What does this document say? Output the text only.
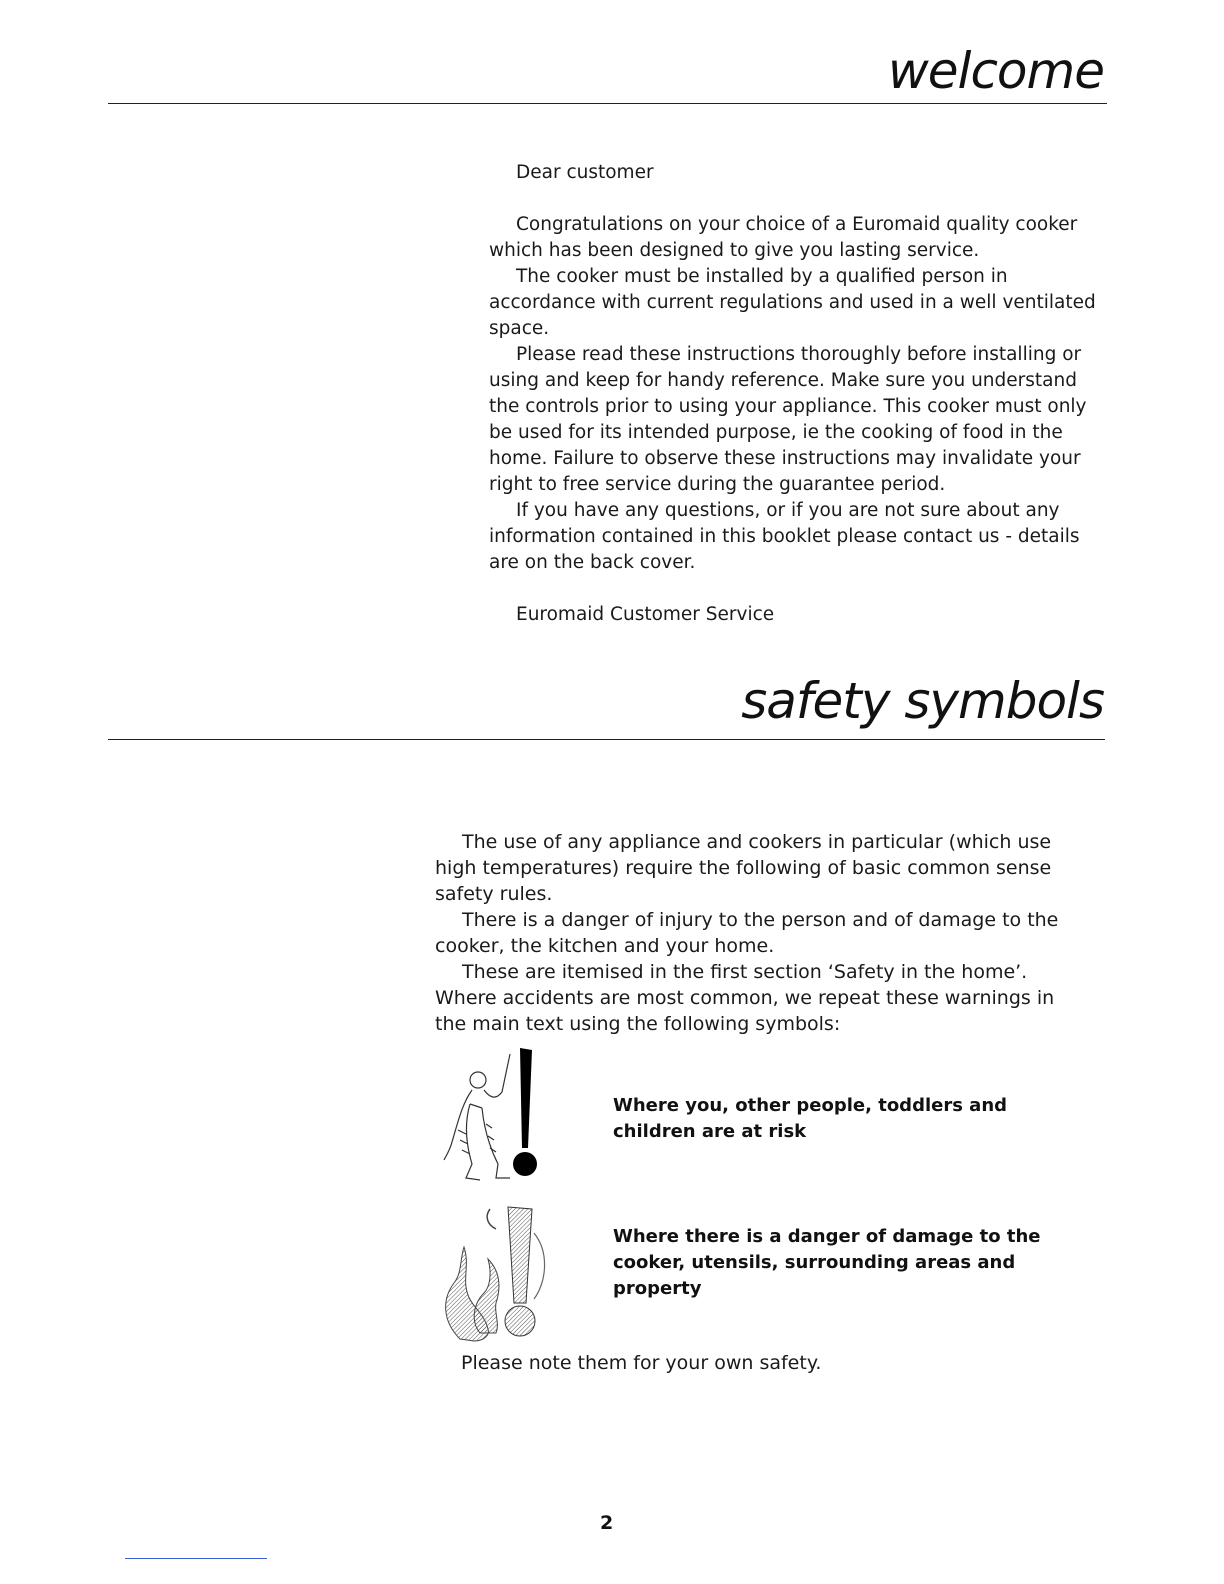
welcome

Dear customer

Congratulations on your choice of a Euromaid quality cooker which has been designed to give you lasting service.

The cooker must be installed by a qualified person in accordance with current regulations and used in a well ventilated space.

Please read these instructions thoroughly before installing or using and keep for handy reference. Make sure you understand the controls prior to using your appliance. This cooker must only be used for its intended purpose, ie the cooking of food in the home. Failure to observe these instructions may invalidate your right to free service during the guarantee period.

If you have any questions, or if you are not sure about any information contained in this booklet please contact us - details are on the back cover.

Euromaid Customer Service

safety symbols

The use of any appliance and cookers in particular (which use high temperatures) require the following of basic common sense safety rules.

There is a danger of injury to the person and of damage to the cooker, the kitchen and your home.

These are itemised in the first section ‘Safety in the home’. Where accidents are most common, we repeat these warnings in the main text using the following symbols:

Where you, other people, toddlers and children are at risk
Where there is a danger of damage to the cooker, utensils, surrounding areas and property
Please note them for your own safety.
2
